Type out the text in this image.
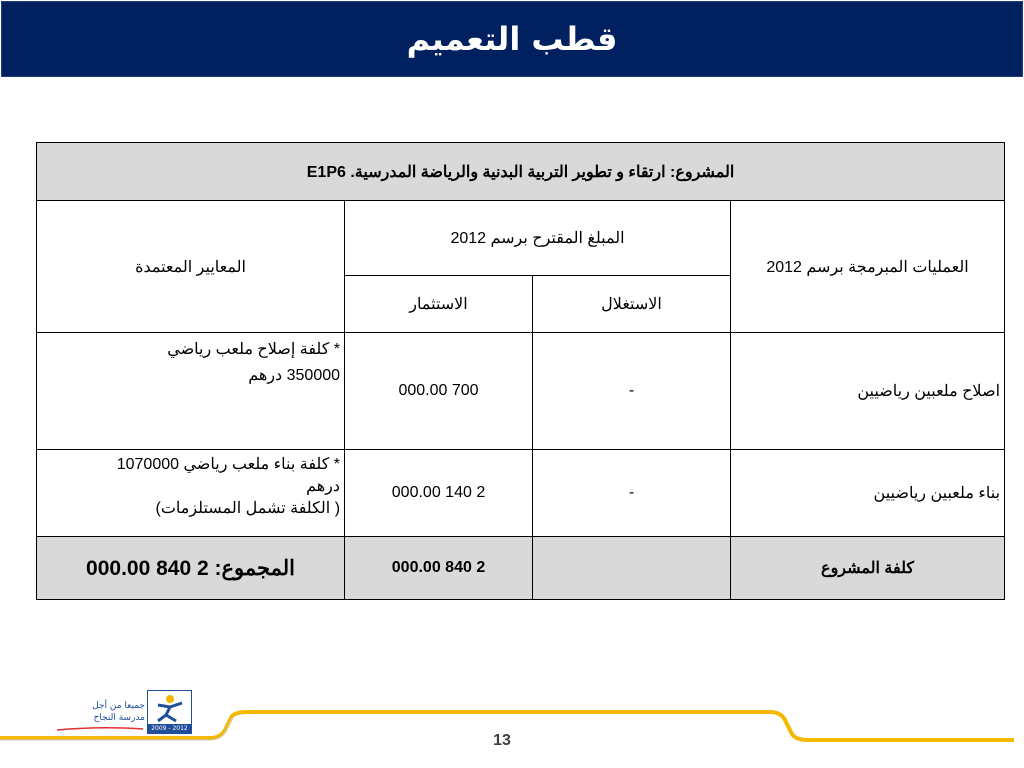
قطب التعميم
المشروع: ارتقاء و تطوير التربية البدنية والرياضة المدرسية. E1P6			
العمليات المبرمجة برسم 2012	المبلغ المقترح برسم 2012		المعايير المعتمدة
	الاستغلال	الاستثمار	
اصلاح ملعبين رياضيين	-	700 000.00	* كلفة إصلاح ملعب رياضي
350000 درهم

بناء ملعبين رياضيين	-	2 140 000.00	* كلفة بناء ملعب رياضي 1070000
درهم
( الكلفة تشمل المستلزمات)

كلفة المشروع		2 840 000.00	المجموع: 2 840 000.00
جميعا من أجل
مدرسة النجاح
2009 - 2012
13
